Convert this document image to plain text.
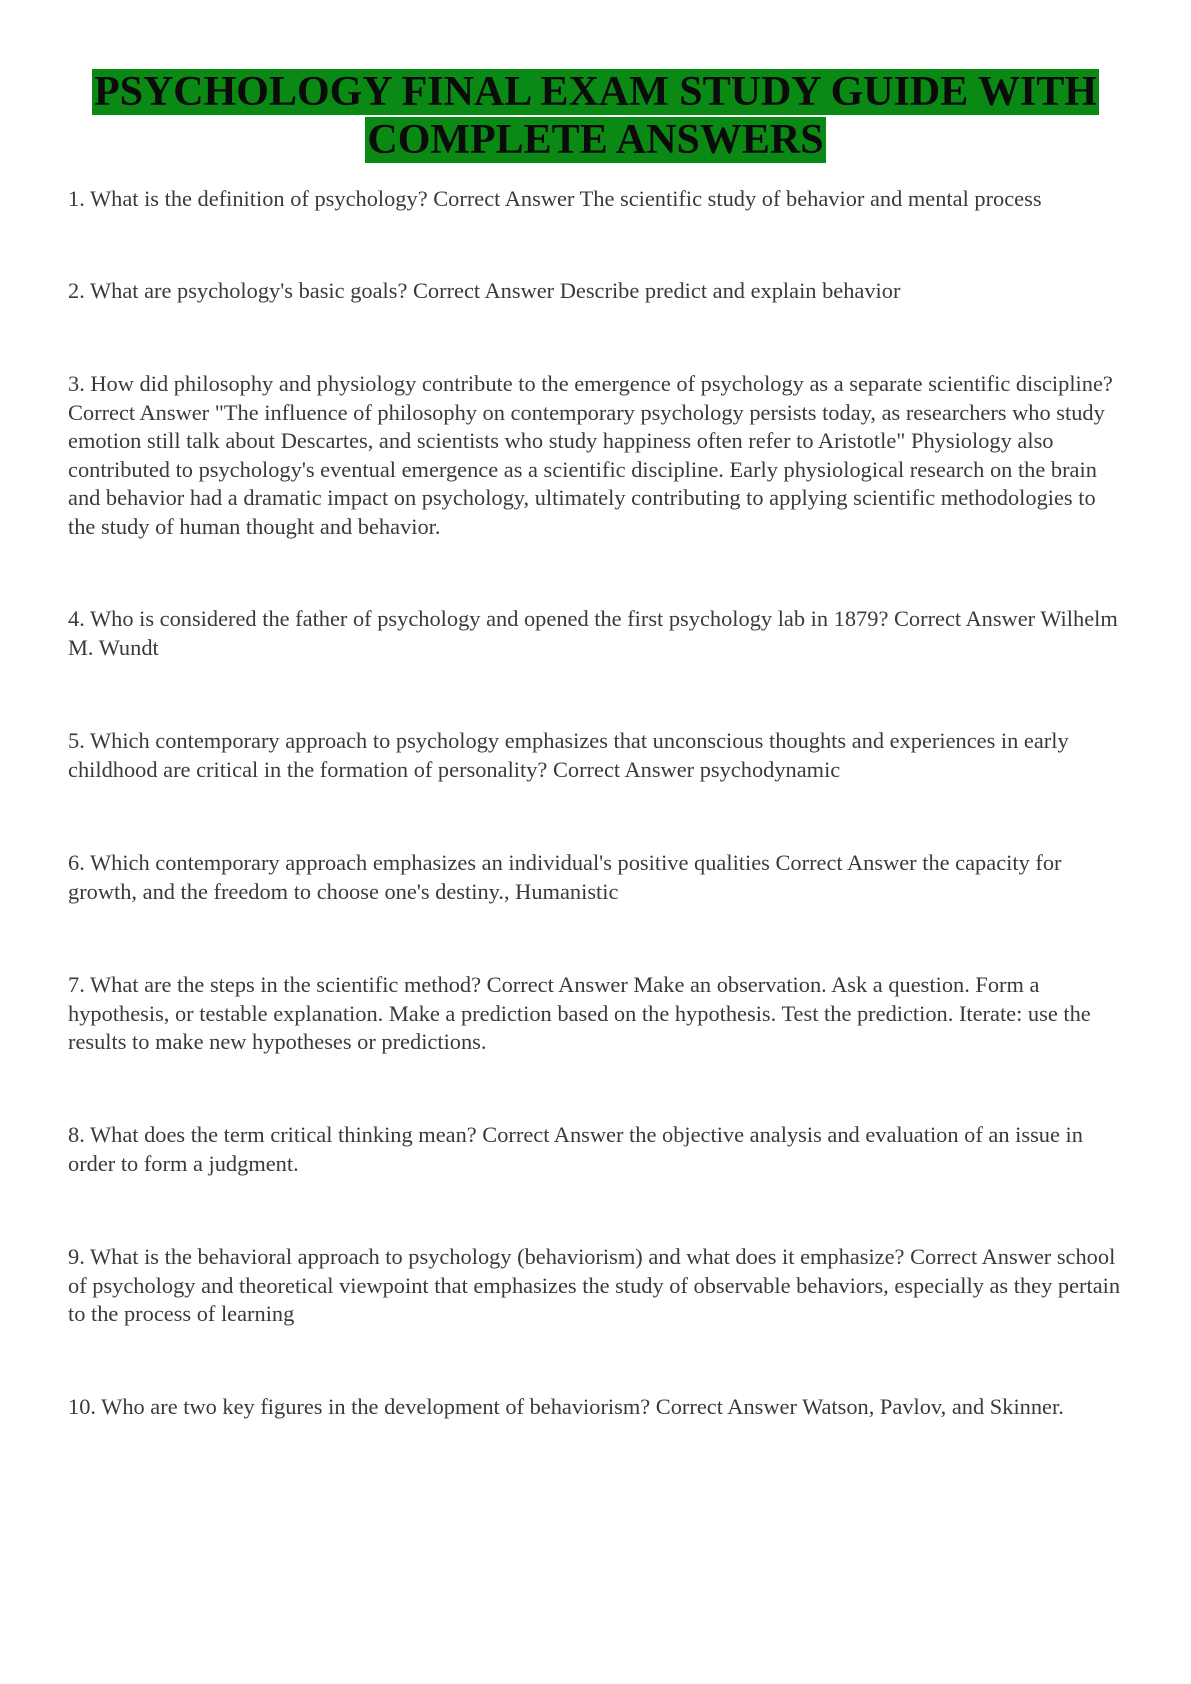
PSYCHOLOGY FINAL EXAM STUDY GUIDE WITH
COMPLETE ANSWERS

1. What is the definition of psychology? Correct Answer The scientific study of behavior and mental process

2. What are psychology's basic goals? Correct Answer Describe predict and explain behavior

3. How did philosophy and physiology contribute to the emergence of psychology as a separate scientific discipline? Correct Answer "The influence of philosophy on contemporary psychology persists today, as researchers who study emotion still talk about Descartes, and scientists who study happiness often refer to Aristotle" Physiology also contributed to psychology's eventual emergence as a scientific discipline. Early physiological research on the brain and behavior had a dramatic impact on psychology, ultimately contributing to applying scientific methodologies to the study of human thought and behavior.

4. Who is considered the father of psychology and opened the first psychology lab in 1879? Correct Answer Wilhelm M. Wundt

5. Which contemporary approach to psychology emphasizes that unconscious thoughts and experiences in early childhood are critical in the formation of personality? Correct Answer psychodynamic

6. Which contemporary approach emphasizes an individual's positive qualities Correct Answer the capacity for growth, and the freedom to choose one's destiny., Humanistic

7. What are the steps in the scientific method? Correct Answer Make an observation. Ask a question. Form a hypothesis, or testable explanation. Make a prediction based on the hypothesis. Test the prediction. Iterate: use the results to make new hypotheses or predictions.

8. What does the term critical thinking mean? Correct Answer the objective analysis and evaluation of an issue in order to form a judgment.

9. What is the behavioral approach to psychology (behaviorism) and what does it emphasize? Correct Answer school of psychology and theoretical viewpoint that emphasizes the study of observable behaviors, especially as they pertain to the process of learning

10. Who are two key figures in the development of behaviorism? Correct Answer Watson, Pavlov, and Skinner.
